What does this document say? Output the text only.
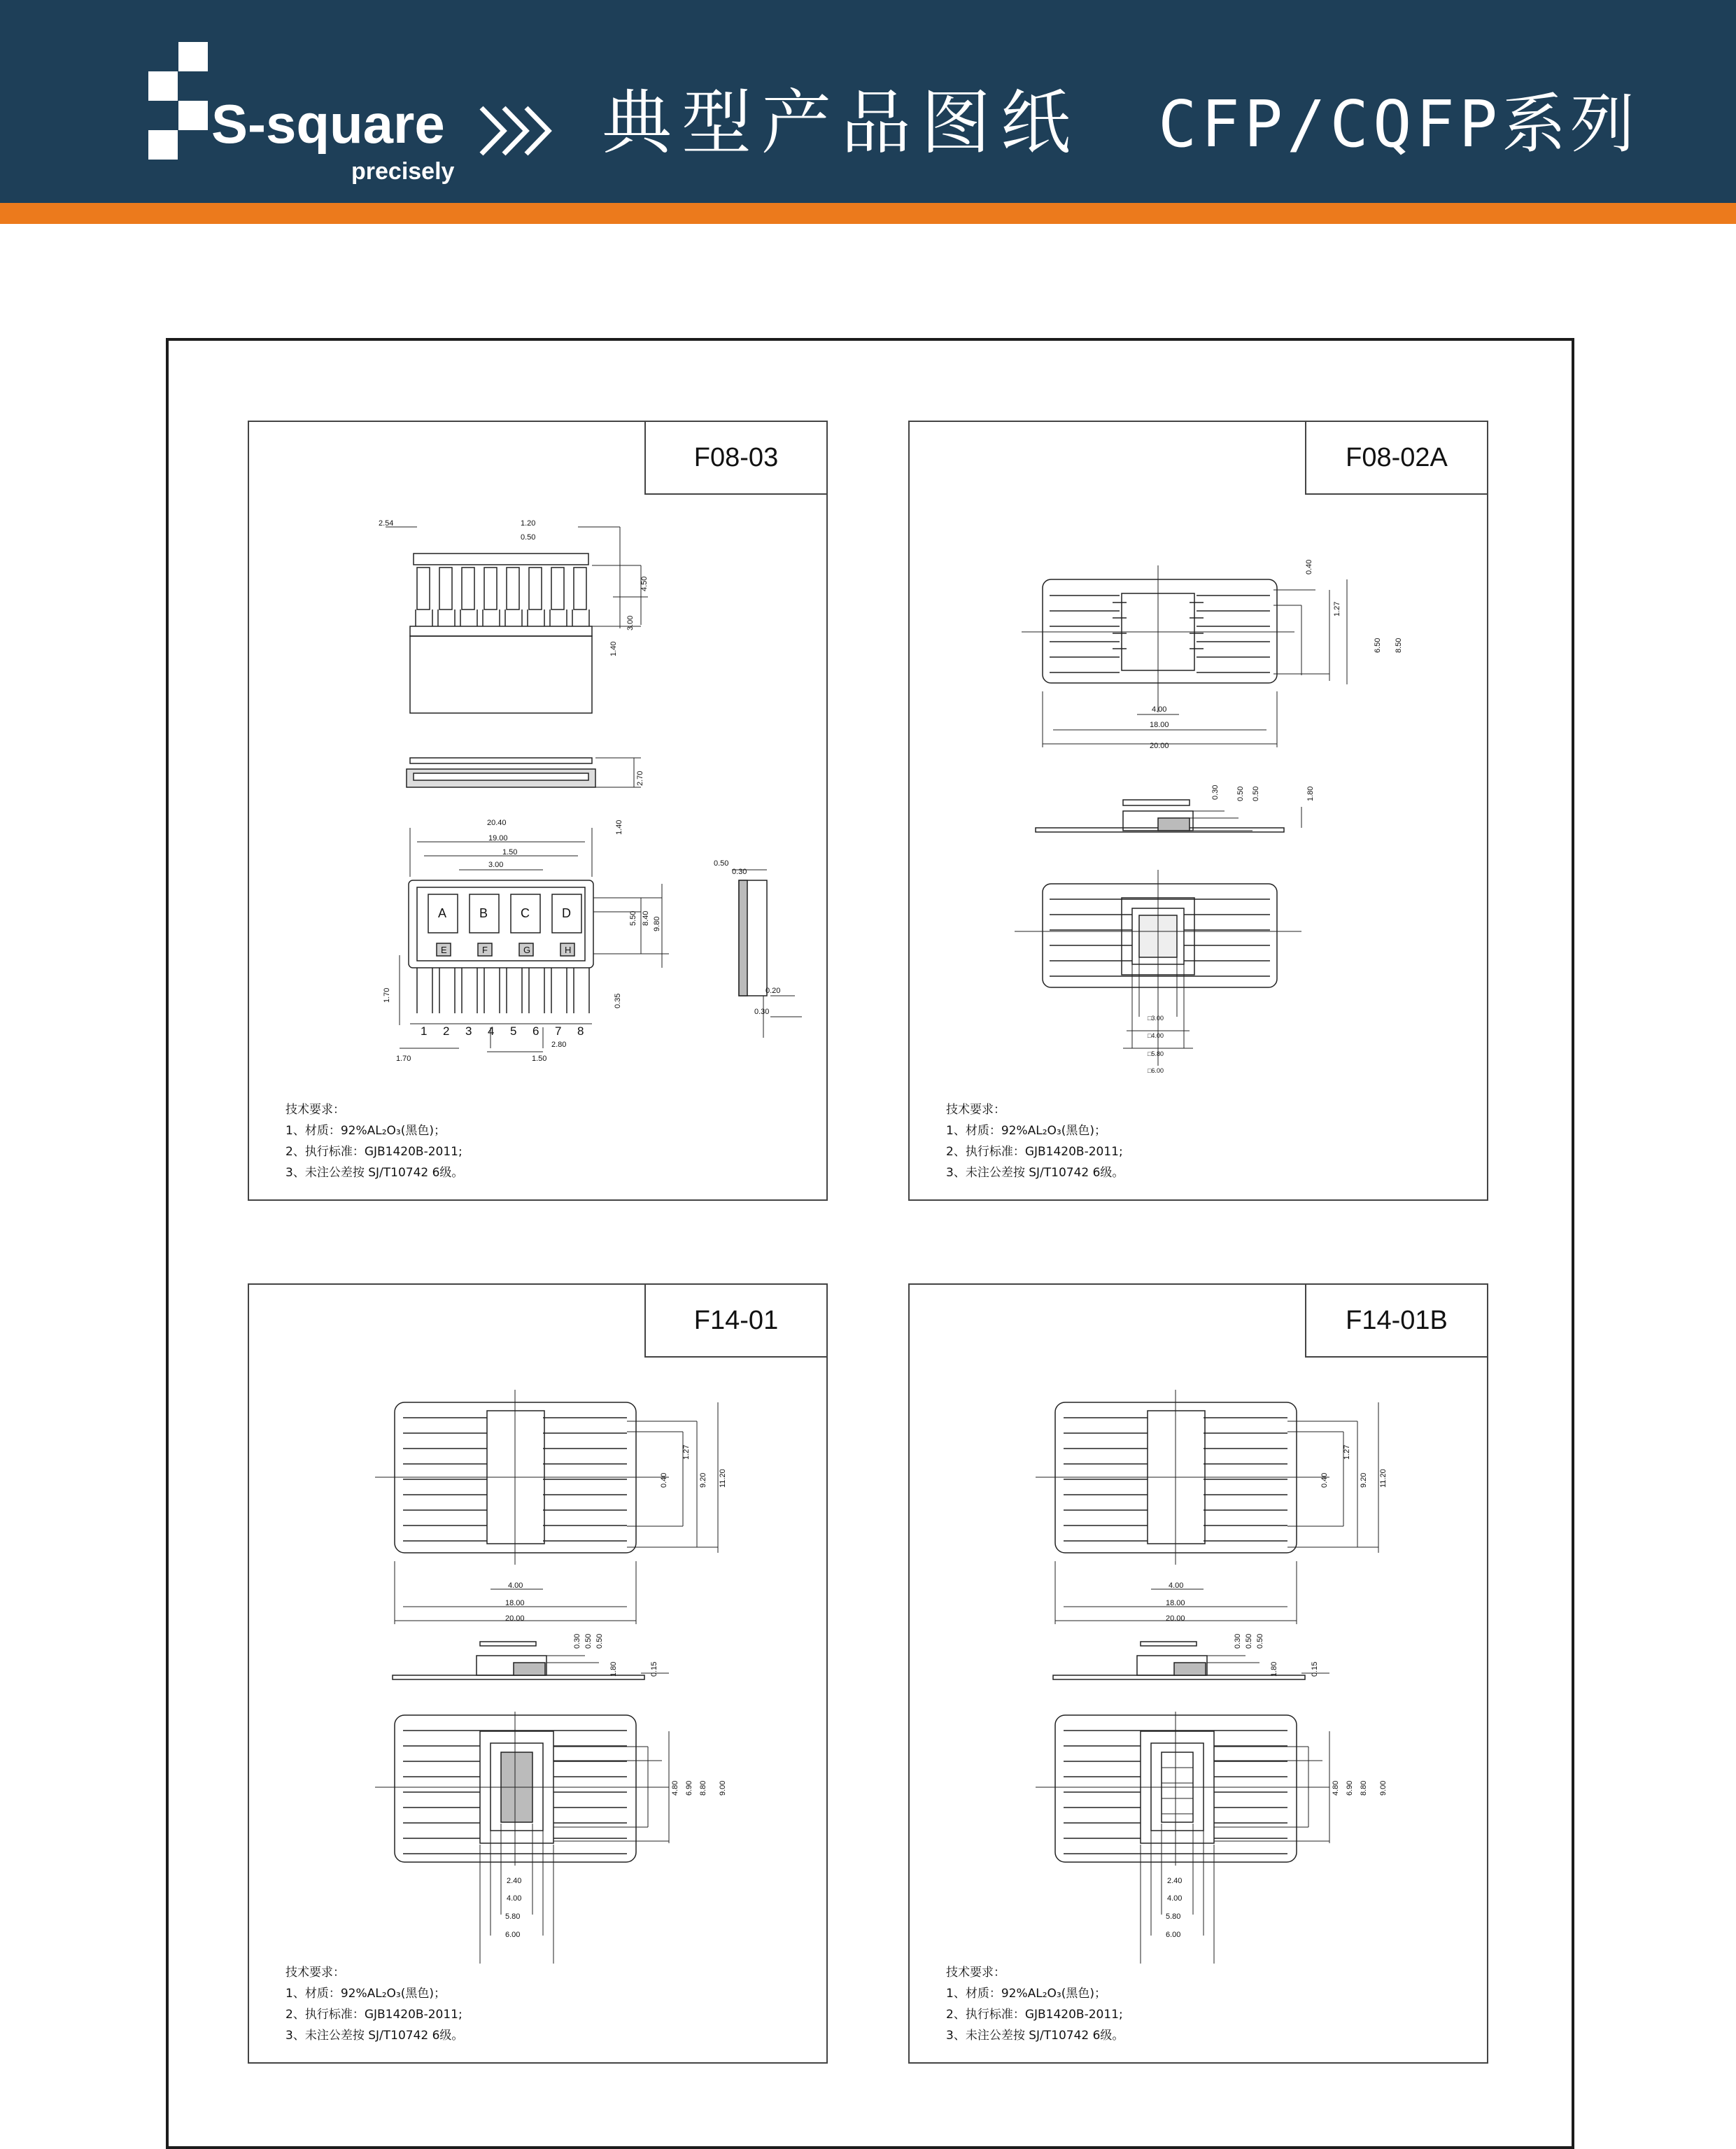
S-square
precisely
典型产品图纸 CFP/CQFP系列
F08-03
2.54	1.20
0.50
4.50
3.00
1.40
2.70
1.40
20.40
19.00
1.50
3.00
5.50 8.40 9.80
0.35
1.70
2.80
1.50
1.70
0.50
0.30
0.20
0.30
A	B	C	D
E	F	G	H
1 2 3 4 5 6 7 8
技术要求：
1、材质：92%AL₂O₃(黑色)；
2、执行标准：GJB1420B-2011;
3、未注公差按 SJ/T10742 6级。
F08-02A
0.40
1.27
6.50 8.50
4.00
18.00
20.00
0.30 0.50 0.50	1.80
□3.00
□4.00
□5.80
□6.00
技术要求：
1、材质：92%AL₂O₃(黑色)；
2、执行标准：GJB1420B-2011;
3、未注公差按 SJ/T10742 6级。
F14-01
1.27
0.40	9.20 11.20
4.00
18.00
20.00
0.30 0.50 0.50
1.80	0.15
4.80 6.90 8.80 9.00
2.40
4.00
5.80
6.00
技术要求：
1、材质：92%AL₂O₃(黑色)；
2、执行标准：GJB1420B-2011;
3、未注公差按 SJ/T10742 6级。
F14-01B
1.27
0.40	9.20 11.20
4.00
18.00
20.00
0.30 0.50 0.50
1.80	0.15
4.80 6.90 8.80 9.00
2.40
4.00
5.80
6.00
技术要求：
1、材质：92%AL₂O₃(黑色)；
2、执行标准：GJB1420B-2011;
3、未注公差按 SJ/T10742 6级。
